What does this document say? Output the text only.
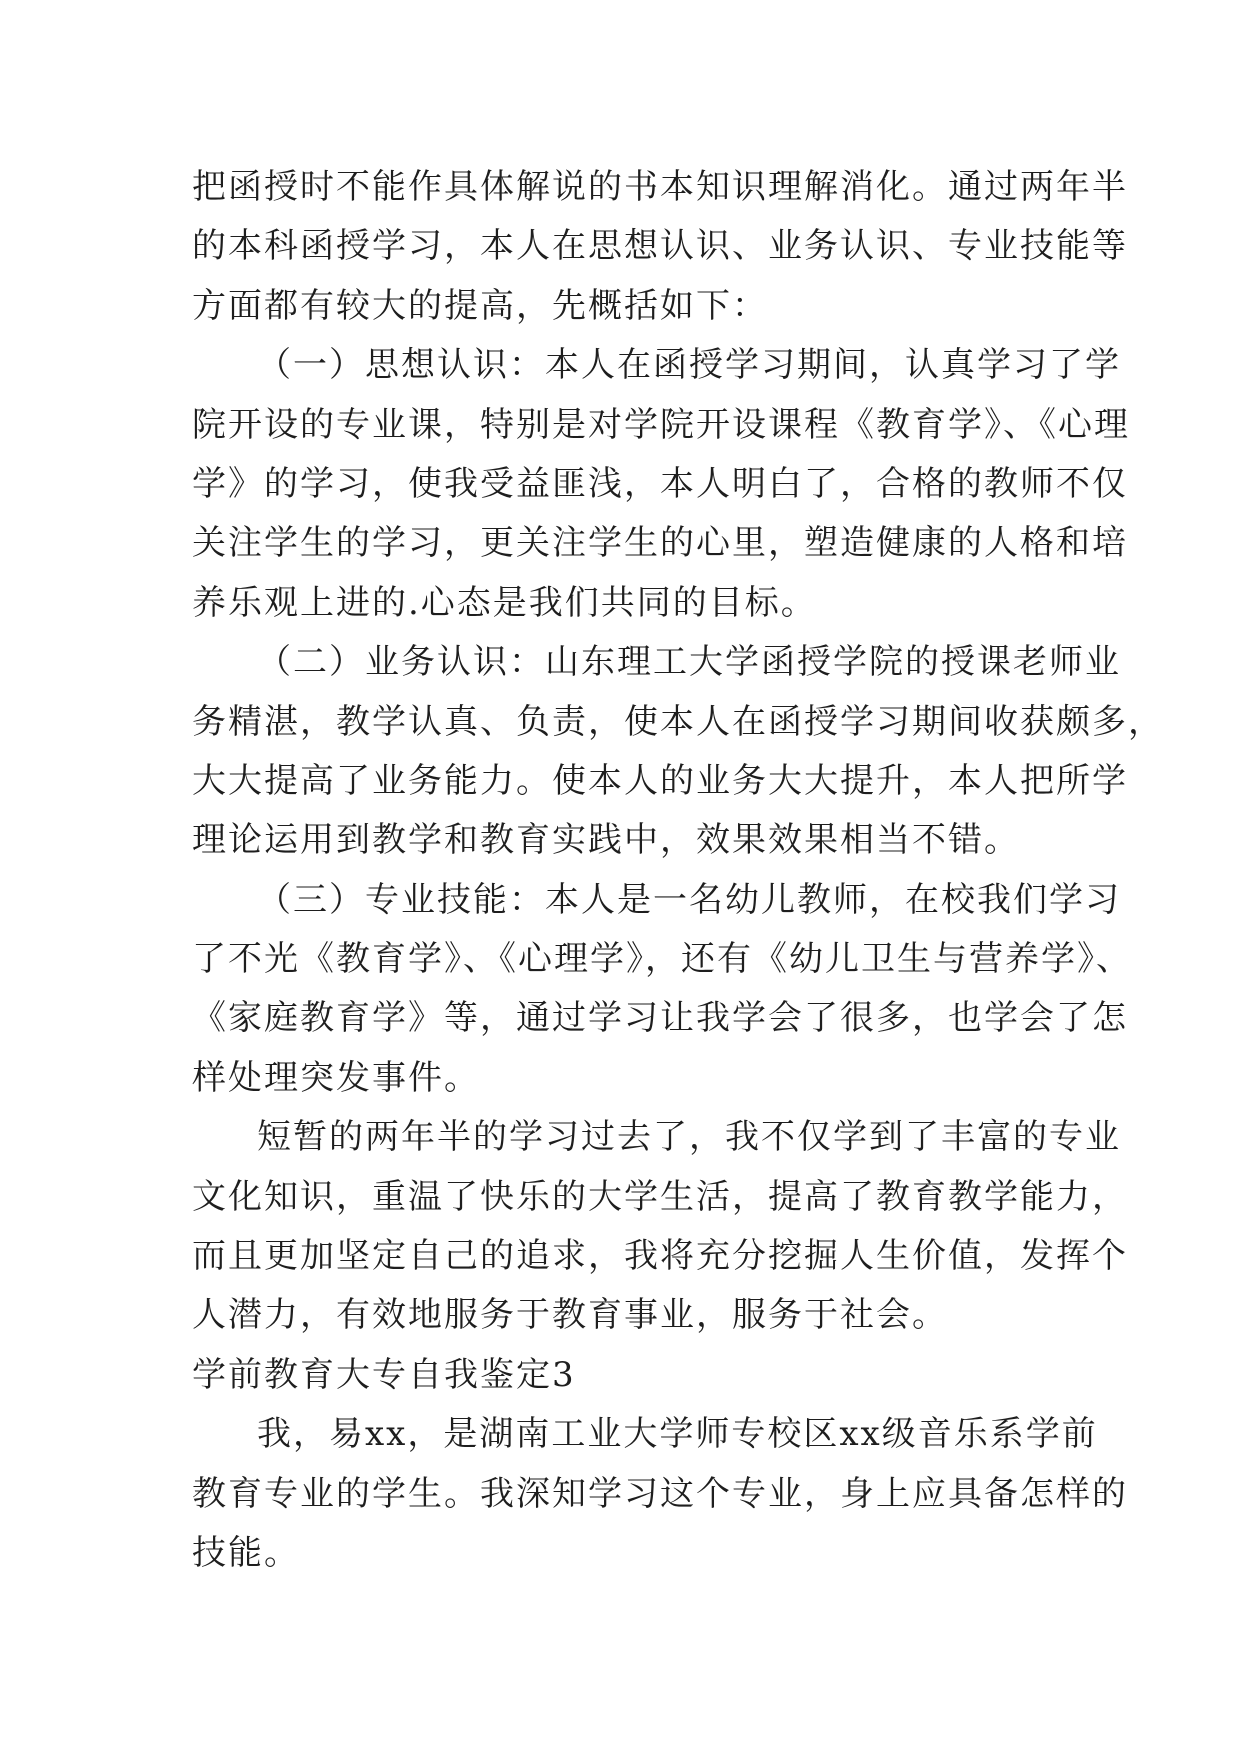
把函授时不能作具体解说的书本知识理解消化。通过两年半
的本科函授学习，本人在思想认识、业务认识、专业技能等
方面都有较大的提高，先概括如下：
（一）思想认识：本人在函授学习期间，认真学习了学
院开设的专业课，特别是对学院开设课程《教育学》、《心理
学》的学习，使我受益匪浅，本人明白了，合格的教师不仅
关注学生的学习，更关注学生的心里，塑造健康的人格和培
养乐观上进的.心态是我们共同的目标。
（二）业务认识：山东理工大学函授学院的授课老师业
务精湛，教学认真、负责，使本人在函授学习期间收获颇多，
大大提高了业务能力。使本人的业务大大提升，本人把所学
理论运用到教学和教育实践中，效果效果相当不错。
（三）专业技能：本人是一名幼儿教师，在校我们学习
了不光《教育学》、《心理学》，还有《幼儿卫生与营养学》、
《家庭教育学》等，通过学习让我学会了很多，也学会了怎
样处理突发事件。
短暂的两年半的学习过去了，我不仅学到了丰富的专业
文化知识，重温了快乐的大学生活，提高了教育教学能力，
而且更加坚定自己的追求，我将充分挖掘人生价值，发挥个
人潜力，有效地服务于教育事业，服务于社会。
学前教育大专自我鉴定3
我，易xx，是湖南工业大学师专校区xx级音乐系学前
教育专业的学生。我深知学习这个专业，身上应具备怎样的
技能。
